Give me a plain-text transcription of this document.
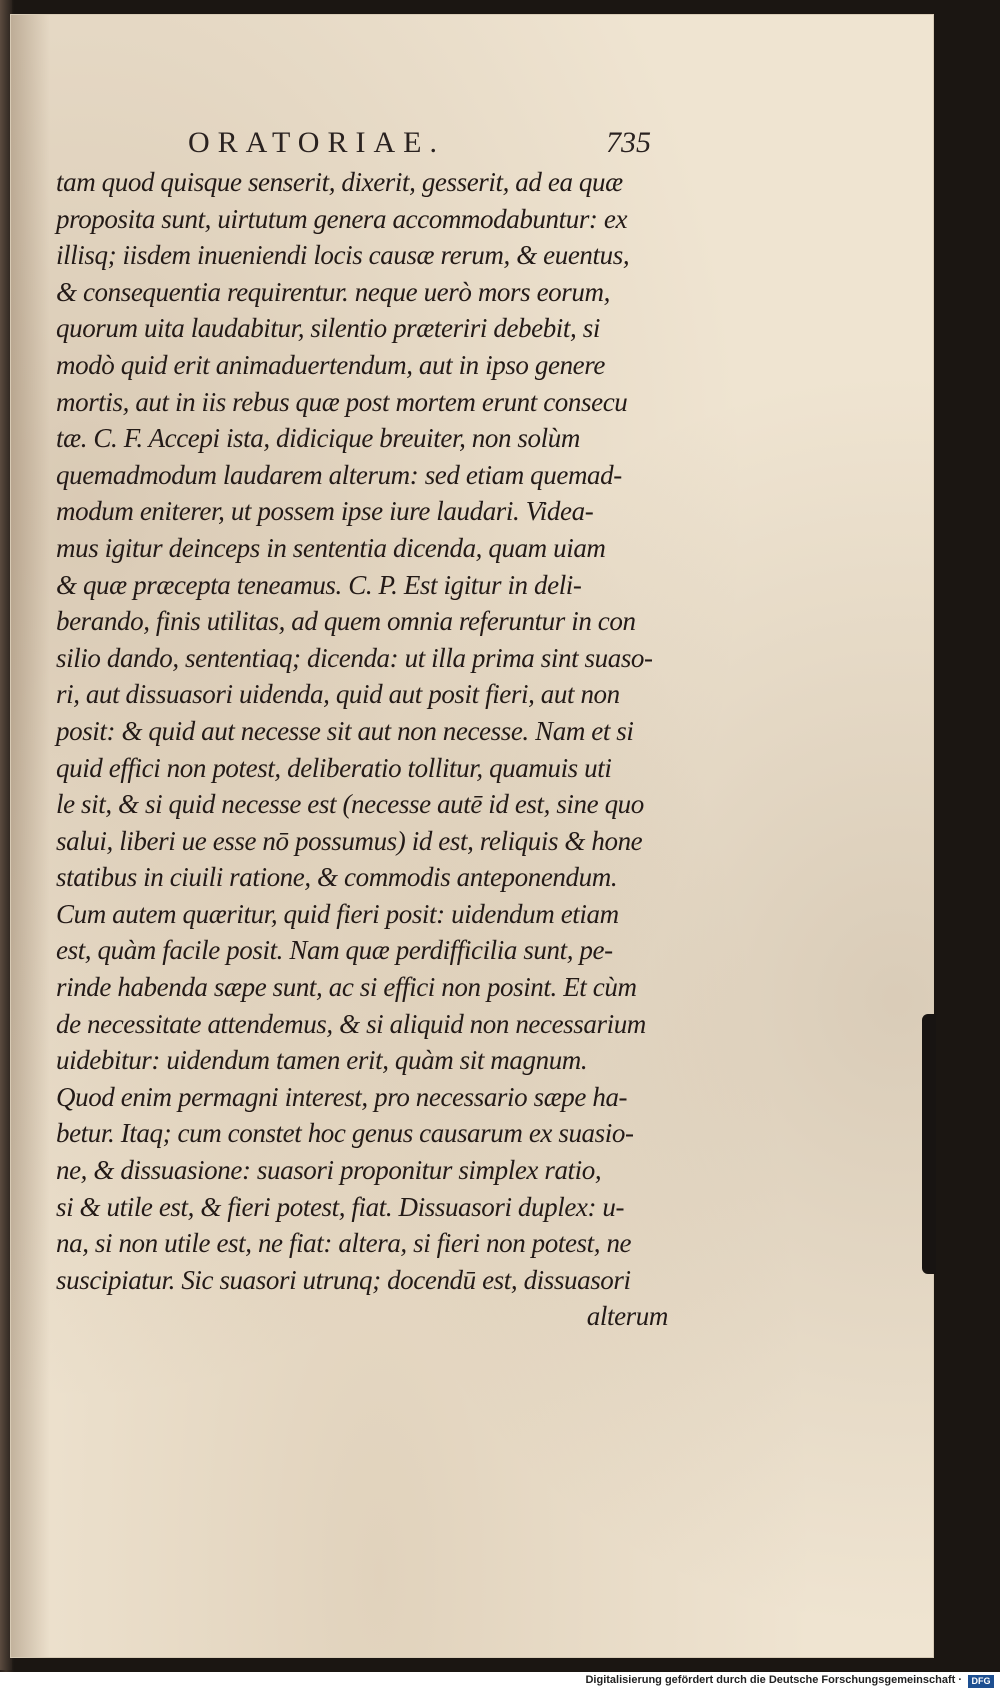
ORATORIAE.	735
tam quod quisque senserit, dixerit, gesserit, ad ea quæ
proposita sunt, uirtutum genera accommodabuntur: ex
illisq; iisdem inueniendi locis causæ rerum, & euentus,
& consequentia requirentur. neque uerò mors eorum,
quorum uita laudabitur, silentio præteriri debebit, si
modò quid erit animaduertendum, aut in ipso genere
mortis, aut in iis rebus quæ post mortem erunt consecu
tæ. C. F. Accepi ista, didicique breuiter, non solùm
quemadmodum laudarem alterum: sed etiam quemad-
modum eniterer, ut possem ipse iure laudari. Videa-
mus igitur deinceps in sententia dicenda, quam uiam
& quæ præcepta teneamus. C. P. Est igitur in deli-
berando, finis utilitas, ad quem omnia referuntur in con
silio dando, sententiaq; dicenda: ut illa prima sint suaso-
ri, aut dissuasori uidenda, quid aut posit fieri, aut non
posit: & quid aut necesse sit aut non necesse. Nam et si
quid effici non potest, deliberatio tollitur, quamuis uti
le sit, & si quid necesse est (necesse autē id est, sine quo
salui, liberi ue esse nō possumus) id est, reliquis & hone
statibus in ciuili ratione, & commodis anteponendum.
Cum autem quæritur, quid fieri posit: uidendum etiam
est, quàm facile posit. Nam quæ perdifficilia sunt, pe-
rinde habenda sæpe sunt, ac si effici non posint. Et cùm
de necessitate attendemus, & si aliquid non necessarium
uidebitur: uidendum tamen erit, quàm sit magnum.
Quod enim permagni interest, pro necessario sæpe ha-
betur. Itaq; cum constet hoc genus causarum ex suasio-
ne, & dissuasione: suasori proponitur simplex ratio,
si & utile est, & fieri potest, fiat. Dissuasori duplex: u-
na, si non utile est, ne fiat: altera, si fieri non potest, ne
suscipiatur. Sic suasori utrunq; docendū est, dissuasori
alterum
Digitalisierung gefördert durch die Deutsche Forschungsgemeinschaft ·	DFG
